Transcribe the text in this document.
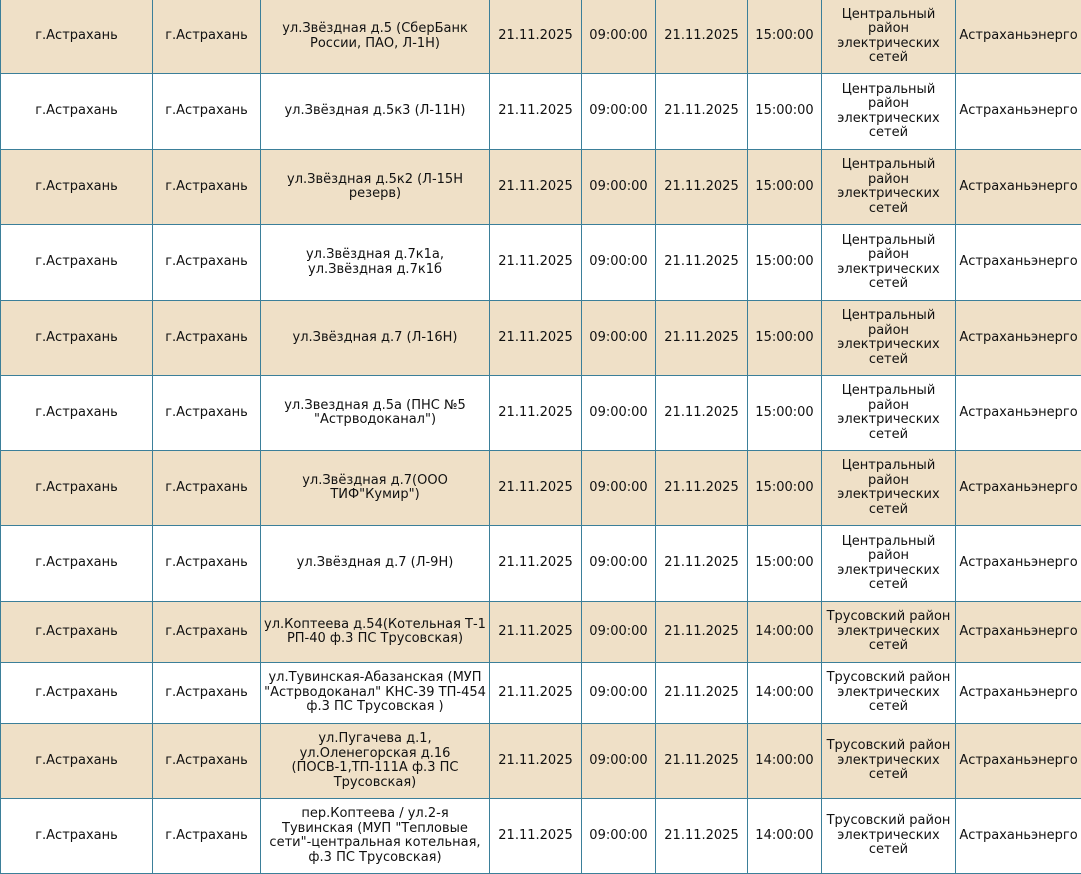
г.Астрахань	г.Астрахань	ул.Звёздная д.5 (СберБанк России, ПАО, Л-1Н)	21.11.2025	09:00:00	21.11.2025	15:00:00	Центральный район электрических сетей	Астраханьэнерго
г.Астрахань	г.Астрахань	ул.Звёздная д.5к3 (Л-11Н)	21.11.2025	09:00:00	21.11.2025	15:00:00	Центральный район электрических сетей	Астраханьэнерго
г.Астрахань	г.Астрахань	ул.Звёздная д.5к2 (Л-15Н резерв)	21.11.2025	09:00:00	21.11.2025	15:00:00	Центральный район электрических сетей	Астраханьэнерго
г.Астрахань	г.Астрахань	ул.Звёздная д.7к1а, ул.Звёздная д.7к1б	21.11.2025	09:00:00	21.11.2025	15:00:00	Центральный район электрических сетей	Астраханьэнерго
г.Астрахань	г.Астрахань	ул.Звёздная д.7 (Л-16Н)	21.11.2025	09:00:00	21.11.2025	15:00:00	Центральный район электрических сетей	Астраханьэнерго
г.Астрахань	г.Астрахань	ул.Звездная д.5а (ПНС №5 "Астрводоканал")	21.11.2025	09:00:00	21.11.2025	15:00:00	Центральный район электрических сетей	Астраханьэнерго
г.Астрахань	г.Астрахань	ул.Звёздная д.7(ООО ТИФ"Кумир")	21.11.2025	09:00:00	21.11.2025	15:00:00	Центральный район электрических сетей	Астраханьэнерго
г.Астрахань	г.Астрахань	ул.Звёздная д.7 (Л-9Н)	21.11.2025	09:00:00	21.11.2025	15:00:00	Центральный район электрических сетей	Астраханьэнерго
г.Астрахань	г.Астрахань	ул.Коптеева д.54(Котельная Т-1 РП-40 ф.3 ПС Трусовская)	21.11.2025	09:00:00	21.11.2025	14:00:00	Трусовский район электрических сетей	Астраханьэнерго
г.Астрахань	г.Астрахань	ул.Тувинская-Абазанская (МУП "Астрводоканал" КНС-39 ТП-454 ф.3 ПС Трусовская )	21.11.2025	09:00:00	21.11.2025	14:00:00	Трусовский район электрических сетей	Астраханьэнерго
г.Астрахань	г.Астрахань	ул.Пугачева д.1, ул.Оленегорская д.16 (ПОСВ-1,ТП-111А ф.3 ПС Трусовская)	21.11.2025	09:00:00	21.11.2025	14:00:00	Трусовский район электрических сетей	Астраханьэнерго
г.Астрахань	г.Астрахань	пер.Коптеева / ул.2-я Тувинская (МУП "Тепловые сети"-центральная котельная, ф.3 ПС Трусовская)	21.11.2025	09:00:00	21.11.2025	14:00:00	Трусовский район электрических сетей	Астраханьэнерго
